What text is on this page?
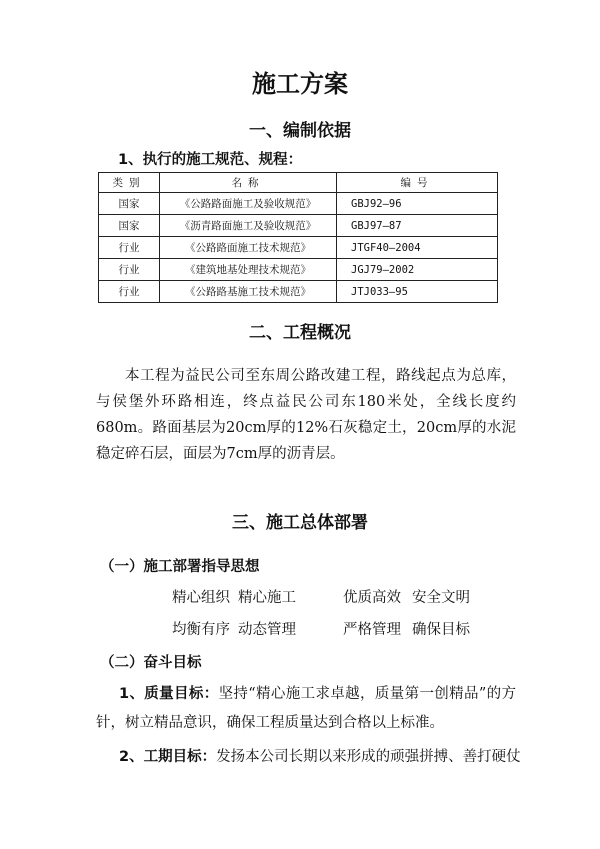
施工方案
一、编制依据
1、执行的施工规范、规程：
类别	名称	编号
国家	《公路路面施工及验收规范》	GBJ92—96
国家	《沥青路面施工及验收规范》	GBJ97—87
行业	《公路路面施工技术规范》	JTGF40—2004
行业	《建筑地基处理技术规范》	JGJ79—2002
行业	《公路路基施工技术规范》	JTJ033—95
二、工程概况
本工程为益民公司至东周公路改建工程，路线起点为总库，与侯堡外环路相连，终点益民公司东180米处，全线长度约680m。路面基层为20cm厚的12%石灰稳定土，20cm厚的水泥稳定碎石层，面层为7cm厚的沥青层。
三、施工总体部署
（一）施工部署指导思想
精心组织 精心施工	优质高效 安全文明
均衡有序 动态管理	严格管理 确保目标
（二）奋斗目标
1、质量目标：坚持“精心施工求卓越，质量第一创精品”的方针，树立精品意识，确保工程质量达到合格以上标准。
2、工期目标：发扬本公司长期以来形成的顽强拼搏、善打硬仗
